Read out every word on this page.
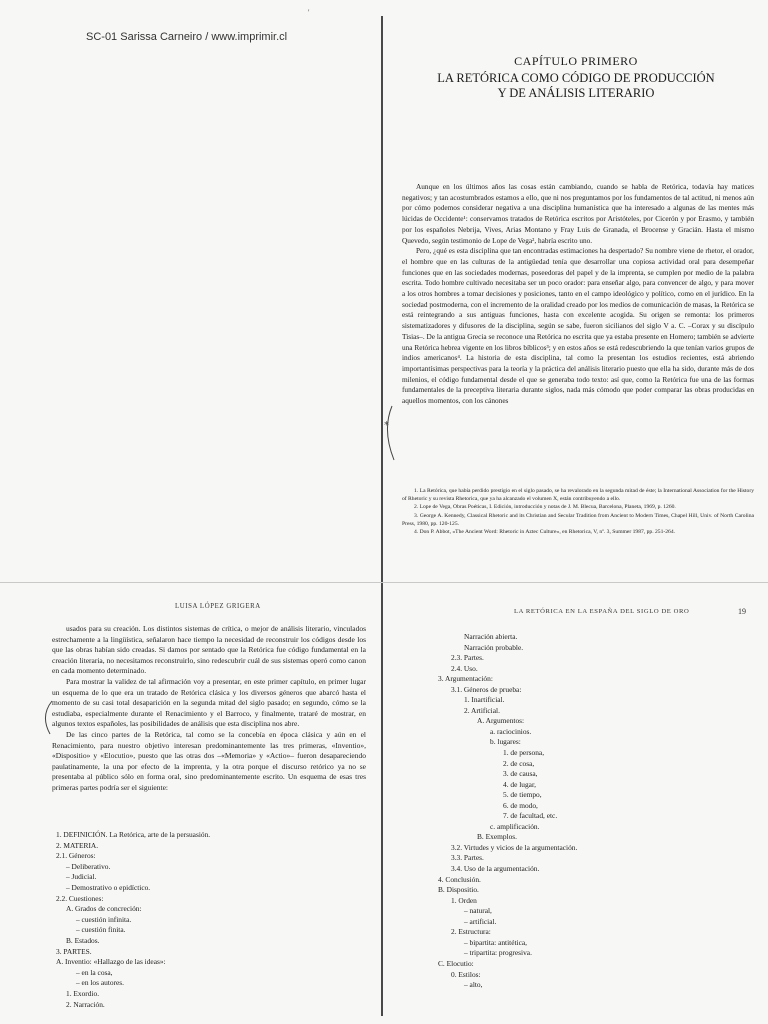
SC-01 Sarissa Carneiro / www.imprimir.cl
'
CAPÍTULO PRIMERO
LA RETÓRICA COMO CÓDIGO DE PRODUCCIÓN
Y DE ANÁLISIS LITERARIO

Aunque en los últimos años las cosas están cambiando, cuando se habla de Retórica, todavía hay matices negativos; y tan acostumbrados estamos a ello, que ni nos preguntamos por los fundamentos de tal actitud, ni menos aún por cómo podemos considerar negativa a una disciplina humanística que ha interesado a algunas de las mentes más lúcidas de Occidente¹: conservamos tratados de Retórica escritos por Aristóteles, por Cicerón y por Erasmo, y también por los españoles Nebrija, Vives, Arias Montano y Fray Luis de Granada, el Brocense y Gracián. Hasta el mismo Quevedo, según testimonio de Lope de Vega², habría escrito uno.

Pero, ¿qué es esta disciplina que tan encontradas estimaciones ha despertado? Su nombre viene de rhetor, el orador, el hombre que en las culturas de la antigüedad tenía que desarrollar una copiosa actividad oral para desempeñar funciones que en las sociedades modernas, poseedoras del papel y de la imprenta, se cumplen por medio de la palabra escrita. Todo hombre cultivado necesitaba ser un poco orador: para enseñar algo, para convencer de algo, y para mover a los otros hombres a tomar decisiones y posiciones, tanto en el campo ideológico y político, como en el jurídico. En la sociedad postmoderna, con el incremento de la oralidad creado por los medios de comunicación de masas, la Retórica se está reintegrando a sus antiguas funciones, hasta con excelente acogida. Su origen se remonta: los primeros sistematizadores y difusores de la disciplina, según se sabe, fueron sicilianos del siglo V a. C. –Corax y su discípulo Tisias–. De la antigua Grecia se reconoce una Retórica no escrita que ya estaba presente en Homero; también se advierte una Retórica hebrea vigente en los libros bíblicos³; y en estos años se está redescubriendo la que tenían varios grupos de indios americanos⁴. La historia de esta disciplina, tal como la presentan los estudios recientes, está abriendo importantísimas perspectivas para la teoría y la práctica del análisis literario puesto que ella ha sido, durante más de dos milenios, el código fundamental desde el que se generaba todo texto: así que, como la Retórica fue una de las formas fundamentales de la preceptiva literaria durante siglos, nada más cómodo que poder comparar las obras producidas en aquellos momentos, con los cánones

1. La Retórica, que había perdido prestigio en el siglo pasado, se ha revalorado en la segunda mitad de éste; la International Association for the History of Rhetoric y su revista Rhetorica, que ya ha alcanzado el volumen X, están contribuyendo a ello.

2. Lope de Vega, Obras Poéticas, I. Edición, introducción y notas de J. M. Blecua, Barcelona, Planeta, 1969, p. 1260.

3. George A. Kennedy, Classical Rhetoric and its Christian and Secular Tradition from Ancient to Modern Times, Chapel Hill, Univ. of North Carolina Press, 1980, pp. 120-125.

4. Don P. Abbot, «The Ancient Word: Rhetoric in Aztec Culture», en Rhetorica, V, nº. 3, Summer 1987, pp. 251-264.

*
LUISA LÓPEZ GRIGERA

usados para su creación. Los distintos sistemas de crítica, o mejor de análisis literario, vinculados estrechamente a la lingüística, señalaron hace tiempo la necesidad de reconstruir los códigos desde los que las obras habían sido creadas. Si damos por sentado que la Retórica fue código fundamental en la creación literaria, no necesitamos reconstruirlo, sino redescubrir cuál de sus sistemas operó como canon en cada momento determinado.

Para mostrar la validez de tal afirmación voy a presentar, en este primer capítulo, en primer lugar un esquema de lo que era un tratado de Retórica clásica y los diversos géneros que abarcó hasta el momento de su casi total desaparición en la segunda mitad del siglo pasado; en segundo, cómo se la estudiaba, especialmente durante el Renacimiento y el Barroco, y finalmente, trataré de mostrar, en algunos textos españoles, las posibilidades de análisis que esta disciplina nos abre.

De las cinco partes de la Retórica, tal como se la concebía en época clásica y aún en el Renacimiento, para nuestro objetivo interesan predominantemente las tres primeras, «Inventio», «Dispositio» y «Elocutio», puesto que las otras dos –«Memoria» y «Actio»– fueron desapareciendo paulatinamente, la una por efecto de la imprenta, y la otra porque el discurso retórico ya no se presentaba al público sólo en forma oral, sino predominantemente escrito. Un esquema de esas tres primeras partes podría ser el siguiente:

1. DEFINICIÓN. La Retórica, arte de la persuasión.
2. MATERIA.
2.1. Géneros:
– Deliberativo.
– Judicial.
– Demostrativo o epidíctico.
2.2. Cuestiones:
A. Grados de concreción:
– cuestión infinita.
– cuestión finita.
B. Estados.
3. PARTES.
A. Inventio: «Hallazgo de las ideas»:
– en la cosa,
– en los autores.
1. Exordio.
2. Narración.
LA RETÓRICA EN LA ESPAÑA DEL SIGLO DE ORO	19
Narración abierta.
Narración probable.
2.3. Partes.
2.4. Uso.
3. Argumentación:
3.1. Géneros de prueba:
1. Inartificial.
2. Artificial.
A. Argumentos:
a. raciocinios.
b. lugares:
1. de persona,
2. de cosa,
3. de causa,
4. de lugar,
5. de tiempo,
6. de modo,
7. de facultad, etc.
c. amplificación.
B. Exemplos.
3.2. Virtudes y vicios de la argumentación.
3.3. Partes.
3.4. Uso de la argumentación.
4. Conclusión.
B. Dispositio.
1. Orden
– natural,
– artificial.
2. Estructura:
– bipartita: antitética,
– tripartita: progresiva.
C. Elocutio:
0. Estilos:
– alto,
